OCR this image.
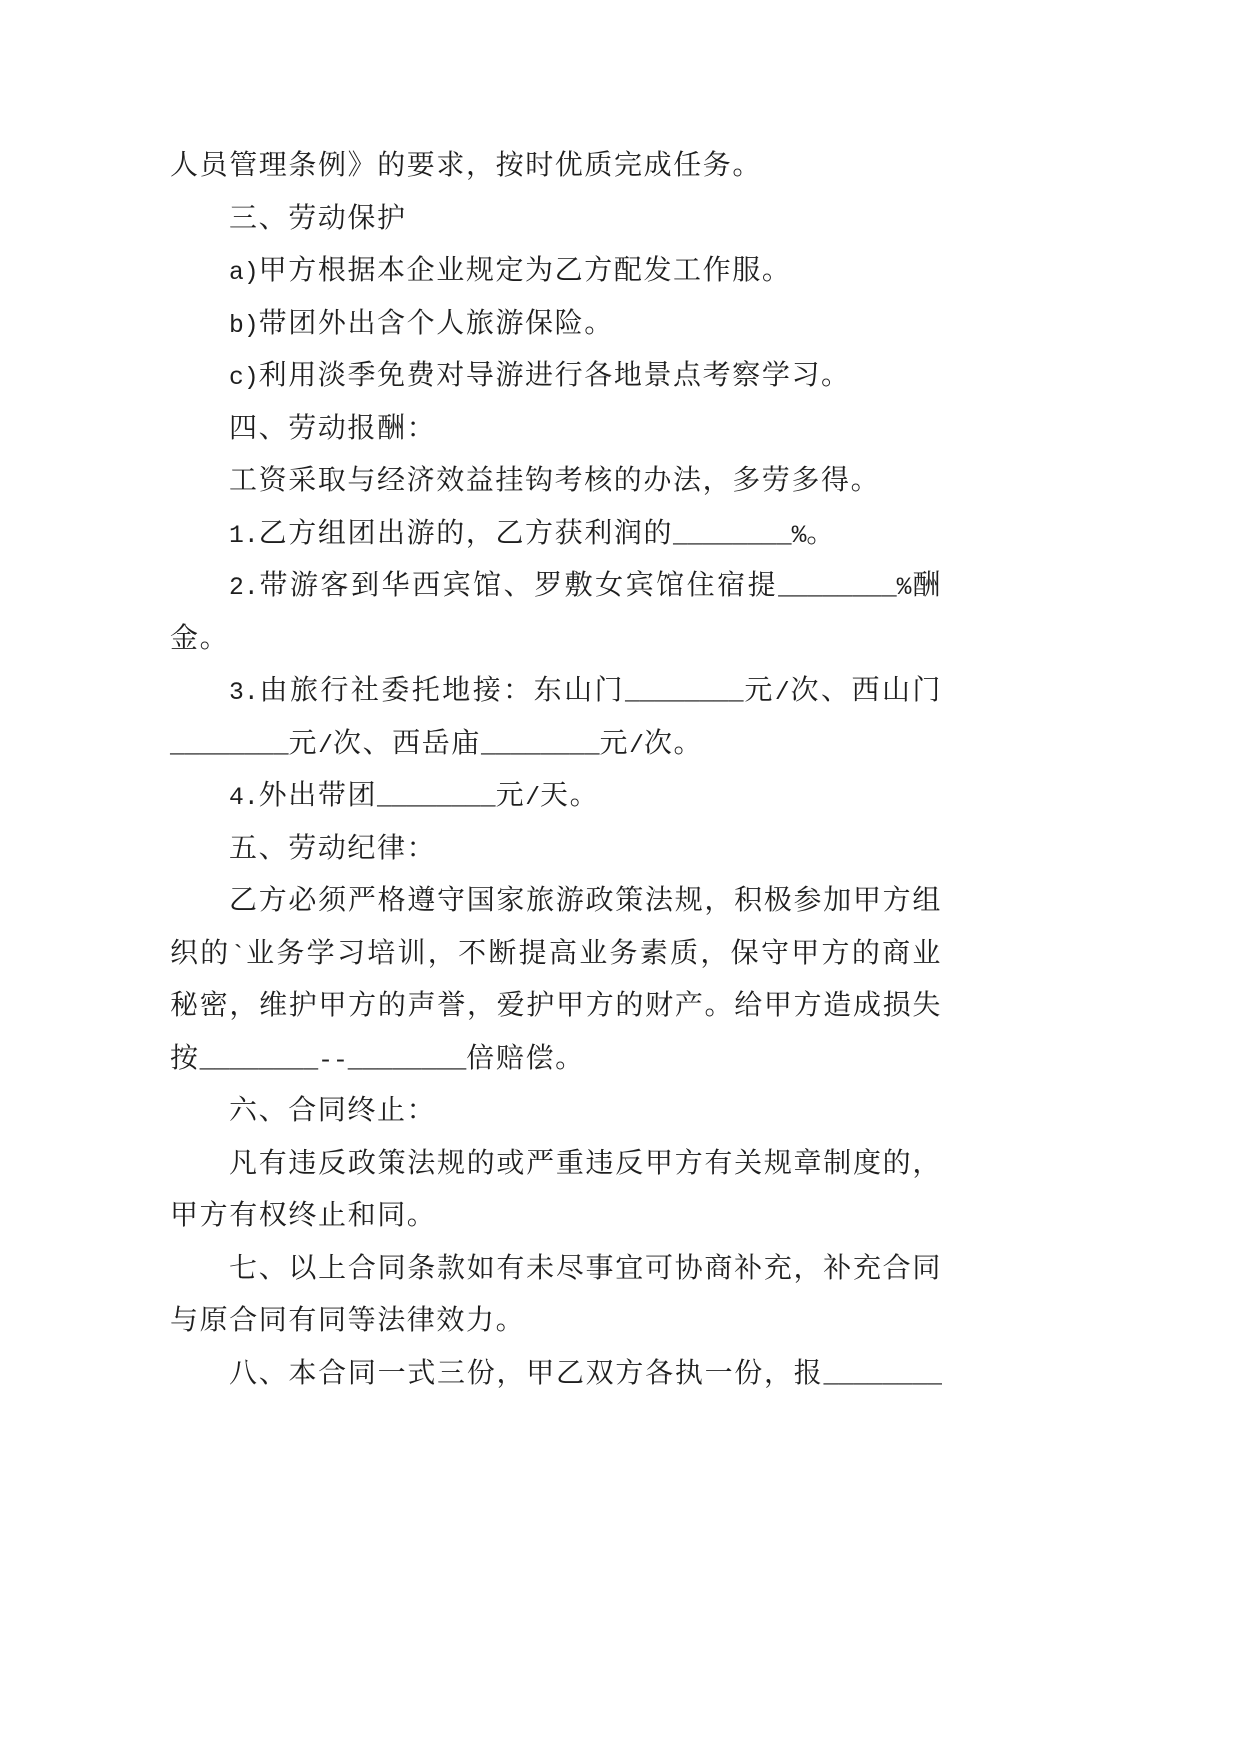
人员管理条例》的要求，按时优质完成任务。
三、劳动保护
a)甲方根据本企业规定为乙方配发工作服。
b)带团外出含个人旅游保险。
c)利用淡季免费对导游进行各地景点考察学习。
四、劳动报酬：
工资采取与经济效益挂钩考核的办法，多劳多得。
1.乙方组团出游的，乙方获利润的________%。
2.带游客到华西宾馆、罗敷女宾馆住宿提________%酬
金。
3.由旅行社委托地接：东山门________元/次、西山门
________元/次、西岳庙________元/次。
4.外出带团________元/天。
五、劳动纪律：
乙方必须严格遵守国家旅游政策法规，积极参加甲方组
织的`业务学习培训，不断提高业务素质，保守甲方的商业
秘密，维护甲方的声誉，爱护甲方的财产。给甲方造成损失
按________--________倍赔偿。
六、合同终止：
凡有违反政策法规的或严重违反甲方有关规章制度的，
甲方有权终止和同。
七、以上合同条款如有未尽事宜可协商补充，补充合同
与原合同有同等法律效力。
八、本合同一式三份，甲乙双方各执一份，报________
